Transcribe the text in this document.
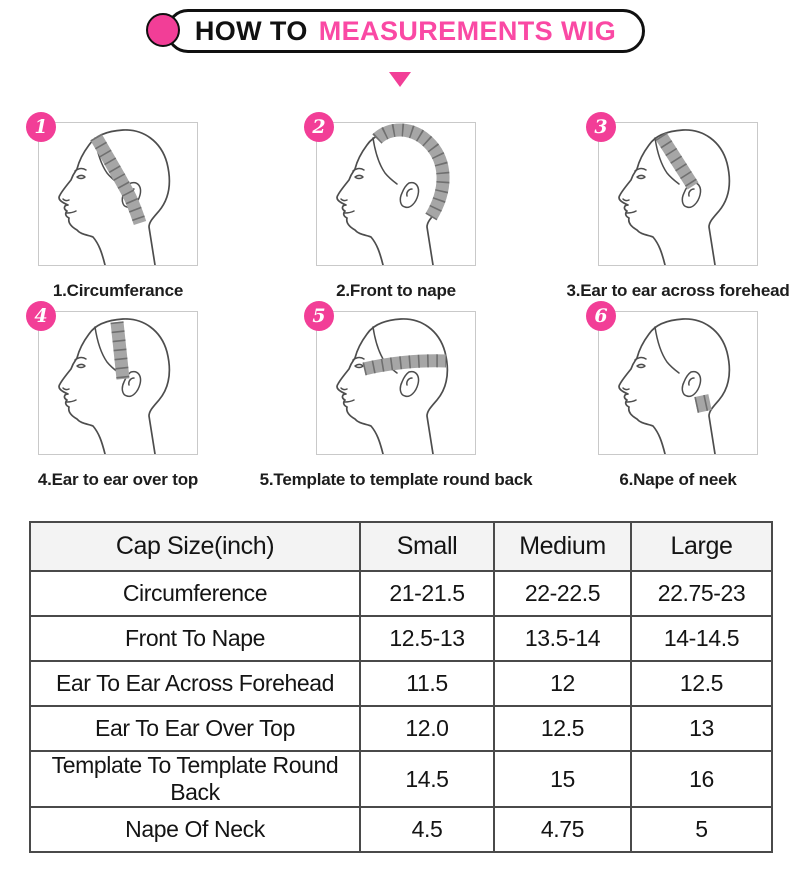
HOW TO MEASUREMENTS WIG
1
1.Circumferance
2
2.Front to nape
3
3.Ear to ear across forehead
4
4.Ear to ear over top
5
5.Template to template round back
6
6.Nape of neek
Cap Size(inch)	Small	Medium	Large
Circumference	21-21.5	22-22.5	22.75-23
Front To Nape	12.5-13	13.5-14	14-14.5
Ear To Ear Across Forehead	11.5	12	12.5
Ear To Ear Over Top	12.0	12.5	13
Template To Template Round Back	14.5	15	16
Nape Of Neck	4.5	4.75	5
